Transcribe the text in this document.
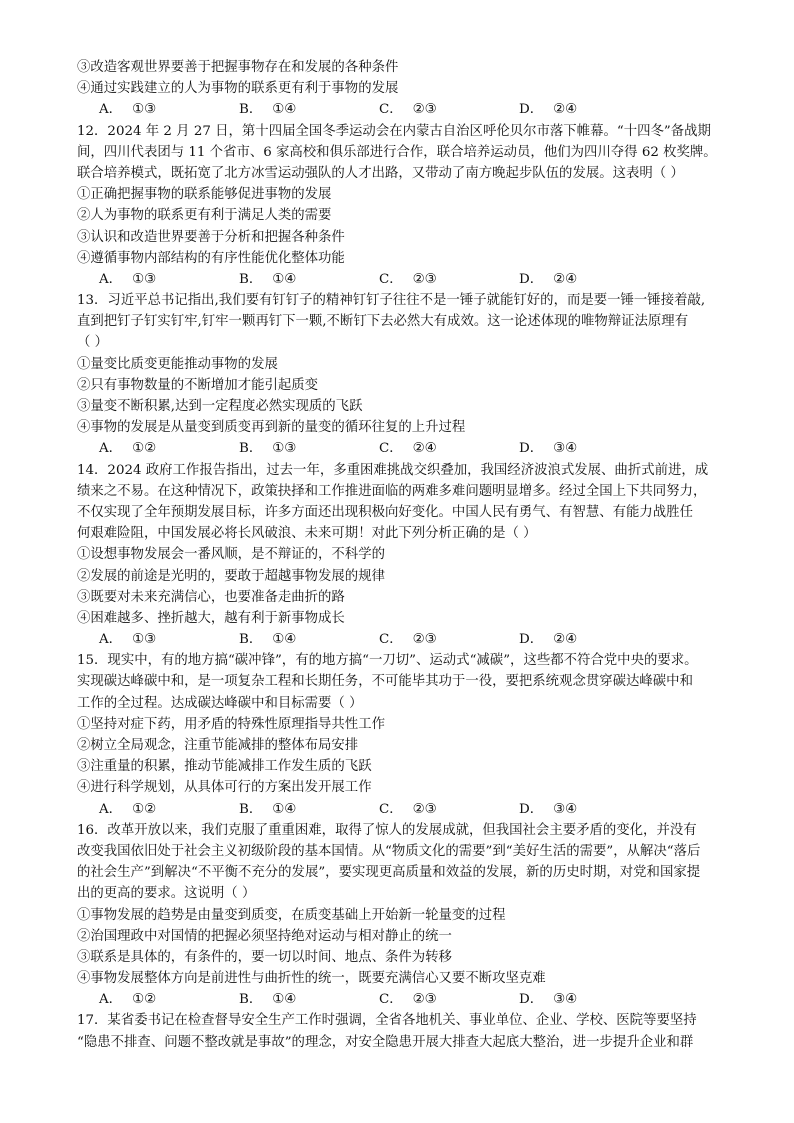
③改造客观世界要善于把握事物存在和发展的各种条件
④通过实践建立的人为事物的联系更有利于事物的发展
A． ①③	B． ①④	C． ②③	D． ②④
12．2024 年 2 月 27 日，第十四届全国冬季运动会在内蒙古自治区呼伦贝尔市落下帷幕。“十四冬”备战期
间，四川代表团与 11 个省市、6 家高校和俱乐部进行合作，联合培养运动员，他们为四川夺得 62 枚奖牌。
联合培养模式，既拓宽了北方冰雪运动强队的人才出路，又带动了南方晚起步队伍的发展。这表明（ ）
①正确把握事物的联系能够促进事物的发展
②人为事物的联系更有利于满足人类的需要
③认识和改造世界要善于分析和把握各种条件
④遵循事物内部结构的有序性能优化整体功能
A． ①③	B． ①④	C． ②③	D． ②④
13．习近平总书记指出,我们要有钉钉子的精神钉钉子往往不是一锤子就能钉好的，而是要一锤一锤接着敲,
直到把钉子钉实钉牢,钉牢一颗再钉下一颗,不断钉下去必然大有成效。这一论述体现的唯物辩证法原理有
（ ）
①量变比质变更能推动事物的发展
②只有事物数量的不断增加才能引起质变
③量变不断积累,达到一定程度必然实现质的飞跃
④事物的发展是从量变到质变再到新的量变的循环往复的上升过程
A． ①②	B． ①③	C． ②④	D． ③④
14．2024 政府工作报告指出，过去一年，多重困难挑战交织叠加，我国经济波浪式发展、曲折式前进，成
绩来之不易。在这种情况下，政策抉择和工作推进面临的两难多难问题明显增多。经过全国上下共同努力，
不仅实现了全年预期发展目标，许多方面还出现积极向好变化。中国人民有勇气、有智慧、有能力战胜任
何艰难险阻，中国发展必将长风破浪、未来可期！对此下列分析正确的是（ ）
①设想事物发展会一番风顺，是不辩证的，不科学的
②发展的前途是光明的，要敢于超越事物发展的规律
③既要对未来充满信心，也要准备走曲折的路
④困难越多、挫折越大，越有利于新事物成长
A． ①③	B． ①④	C． ②③	D． ②④
15．现实中，有的地方搞“碳冲锋”，有的地方搞“一刀切”、运动式“减碳”，这些都不符合党中央的要求。
实现碳达峰碳中和，是一项复杂工程和长期任务，不可能毕其功于一役，要把系统观念贯穿碳达峰碳中和
工作的全过程。达成碳达峰碳中和目标需要（ ）
①坚持对症下药，用矛盾的特殊性原理指导共性工作
②树立全局观念，注重节能减排的整体布局安排
③注重量的积累，推动节能减排工作发生质的飞跃
④进行科学规划，从具体可行的方案出发开展工作
A． ①②	B． ①④	C． ②③	D． ③④
16．改革开放以来，我们克服了重重困难，取得了惊人的发展成就，但我国社会主要矛盾的变化，并没有
改变我国依旧处于社会主义初级阶段的基本国情。从“物质文化的需要”到“美好生活的需要”，从解决“落后
的社会生产”到解决“不平衡不充分的发展”，要实现更高质量和效益的发展，新的历史时期，对党和国家提
出的更高的要求。这说明（ ）
①事物发展的趋势是由量变到质变，在质变基础上开始新一轮量变的过程
②治国理政中对国情的把握必须坚持绝对运动与相对静止的统一
③联系是具体的，有条件的，要一切以时间、地点、条件为转移
④事物发展整体方向是前进性与曲折性的统一，既要充满信心又要不断攻坚克难
A． ①②	B． ①④	C． ②③	D． ③④
17．某省委书记在检查督导安全生产工作时强调，全省各地机关、事业单位、企业、学校、医院等要坚持
“隐患不排查、问题不整改就是事故”的理念，对安全隐患开展大排查大起底大整治，进一步提升企业和群
